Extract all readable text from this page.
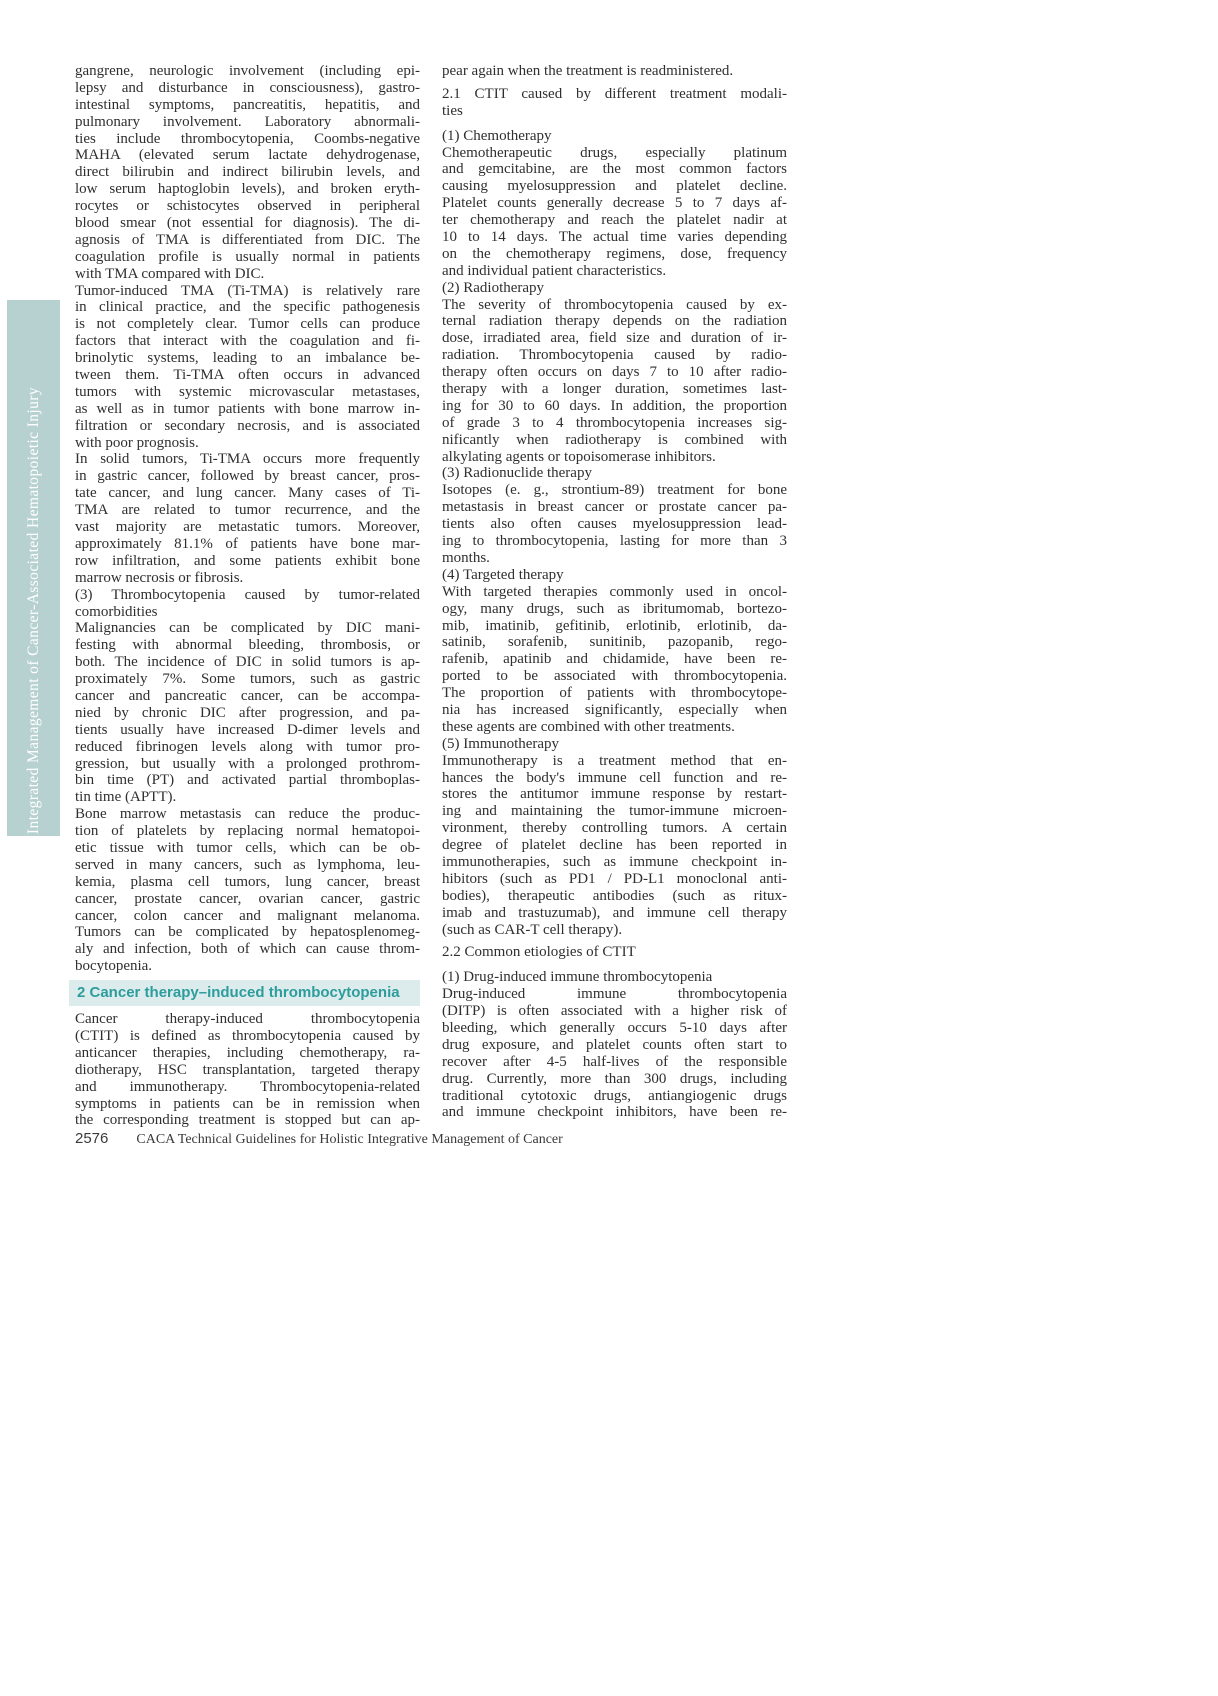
Integrated Management of Cancer-Associated Hematopoietic Injury
gangrene, neurologic involvement (including epi-
lepsy and disturbance in consciousness), gastro-
intestinal symptoms, pancreatitis, hepatitis, and
pulmonary involvement. Laboratory abnormali-
ties include thrombocytopenia, Coombs-negative
MAHA (elevated serum lactate dehydrogenase,
direct bilirubin and indirect bilirubin levels, and
low serum haptoglobin levels), and broken eryth-
rocytes or schistocytes observed in peripheral
blood smear (not essential for diagnosis). The di-
agnosis of TMA is differentiated from DIC. The
coagulation profile is usually normal in patients
with TMA compared with DIC.
Tumor-induced TMA (Ti-TMA) is relatively rare
in clinical practice, and the specific pathogenesis
is not completely clear. Tumor cells can produce
factors that interact with the coagulation and fi-
brinolytic systems, leading to an imbalance be-
tween them. Ti-TMA often occurs in advanced
tumors with systemic microvascular metastases,
as well as in tumor patients with bone marrow in-
filtration or secondary necrosis, and is associated
with poor prognosis.
In solid tumors, Ti-TMA occurs more frequently
in gastric cancer, followed by breast cancer, pros-
tate cancer, and lung cancer. Many cases of Ti-
TMA are related to tumor recurrence, and the
vast majority are metastatic tumors. Moreover,
approximately 81.1% of patients have bone mar-
row infiltration, and some patients exhibit bone
marrow necrosis or fibrosis.
(3) Thrombocytopenia caused by tumor-related
comorbidities
Malignancies can be complicated by DIC mani-
festing with abnormal bleeding, thrombosis, or
both. The incidence of DIC in solid tumors is ap-
proximately 7%. Some tumors, such as gastric
cancer and pancreatic cancer, can be accompa-
nied by chronic DIC after progression, and pa-
tients usually have increased D-dimer levels and
reduced fibrinogen levels along with tumor pro-
gression, but usually with a prolonged prothrom-
bin time (PT) and activated partial thromboplas-
tin time (APTT).
Bone marrow metastasis can reduce the produc-
tion of platelets by replacing normal hematopoi-
etic tissue with tumor cells, which can be ob-
served in many cancers, such as lymphoma, leu-
kemia, plasma cell tumors, lung cancer, breast
cancer, prostate cancer, ovarian cancer, gastric
cancer, colon cancer and malignant melanoma.
Tumors can be complicated by hepatosplenomeg-
aly and infection, both of which can cause throm-
bocytopenia.
2 Cancer therapy–induced thrombocytopenia
Cancer therapy-induced thrombocytopenia
(CTIT) is defined as thrombocytopenia caused by
anticancer therapies, including chemotherapy, ra-
diotherapy, HSC transplantation, targeted therapy
and immunotherapy. Thrombocytopenia-related
symptoms in patients can be in remission when
the corresponding treatment is stopped but can ap-
pear again when the treatment is readministered.
2.1 CTIT caused by different treatment modali-
ties
(1) Chemotherapy
Chemotherapeutic drugs, especially platinum
and gemcitabine, are the most common factors
causing myelosuppression and platelet decline.
Platelet counts generally decrease 5 to 7 days af-
ter chemotherapy and reach the platelet nadir at
10 to 14 days. The actual time varies depending
on the chemotherapy regimens, dose, frequency
and individual patient characteristics.
(2) Radiotherapy
The severity of thrombocytopenia caused by ex-
ternal radiation therapy depends on the radiation
dose, irradiated area, field size and duration of ir-
radiation. Thrombocytopenia caused by radio-
therapy often occurs on days 7 to 10 after radio-
therapy with a longer duration, sometimes last-
ing for 30 to 60 days. In addition, the proportion
of grade 3 to 4 thrombocytopenia increases sig-
nificantly when radiotherapy is combined with
alkylating agents or topoisomerase inhibitors.
(3) Radionuclide therapy
Isotopes (e. g., strontium-89) treatment for bone
metastasis in breast cancer or prostate cancer pa-
tients also often causes myelosuppression lead-
ing to thrombocytopenia, lasting for more than 3
months.
(4) Targeted therapy
With targeted therapies commonly used in oncol-
ogy, many drugs, such as ibritumomab, bortezo-
mib, imatinib, gefitinib, erlotinib, erlotinib, da-
satinib, sorafenib, sunitinib, pazopanib, rego-
rafenib, apatinib and chidamide, have been re-
ported to be associated with thrombocytopenia.
The proportion of patients with thrombocytope-
nia has increased significantly, especially when
these agents are combined with other treatments.
(5) Immunotherapy
Immunotherapy is a treatment method that en-
hances the body's immune cell function and re-
stores the antitumor immune response by restart-
ing and maintaining the tumor-immune microen-
vironment, thereby controlling tumors. A certain
degree of platelet decline has been reported in
immunotherapies, such as immune checkpoint in-
hibitors (such as PD1 / PD-L1 monoclonal anti-
bodies), therapeutic antibodies (such as ritux-
imab and trastuzumab), and immune cell therapy
(such as CAR-T cell therapy).
2.2 Common etiologies of CTIT
(1) Drug-induced immune thrombocytopenia
Drug-induced immune thrombocytopenia
(DITP) is often associated with a higher risk of
bleeding, which generally occurs 5-10 days after
drug exposure, and platelet counts often start to
recover after 4-5 half-lives of the responsible
drug. Currently, more than 300 drugs, including
traditional cytotoxic drugs, antiangiogenic drugs
and immune checkpoint inhibitors, have been re-
2576 CACA Technical Guidelines for Holistic Integrative Management of Cancer
